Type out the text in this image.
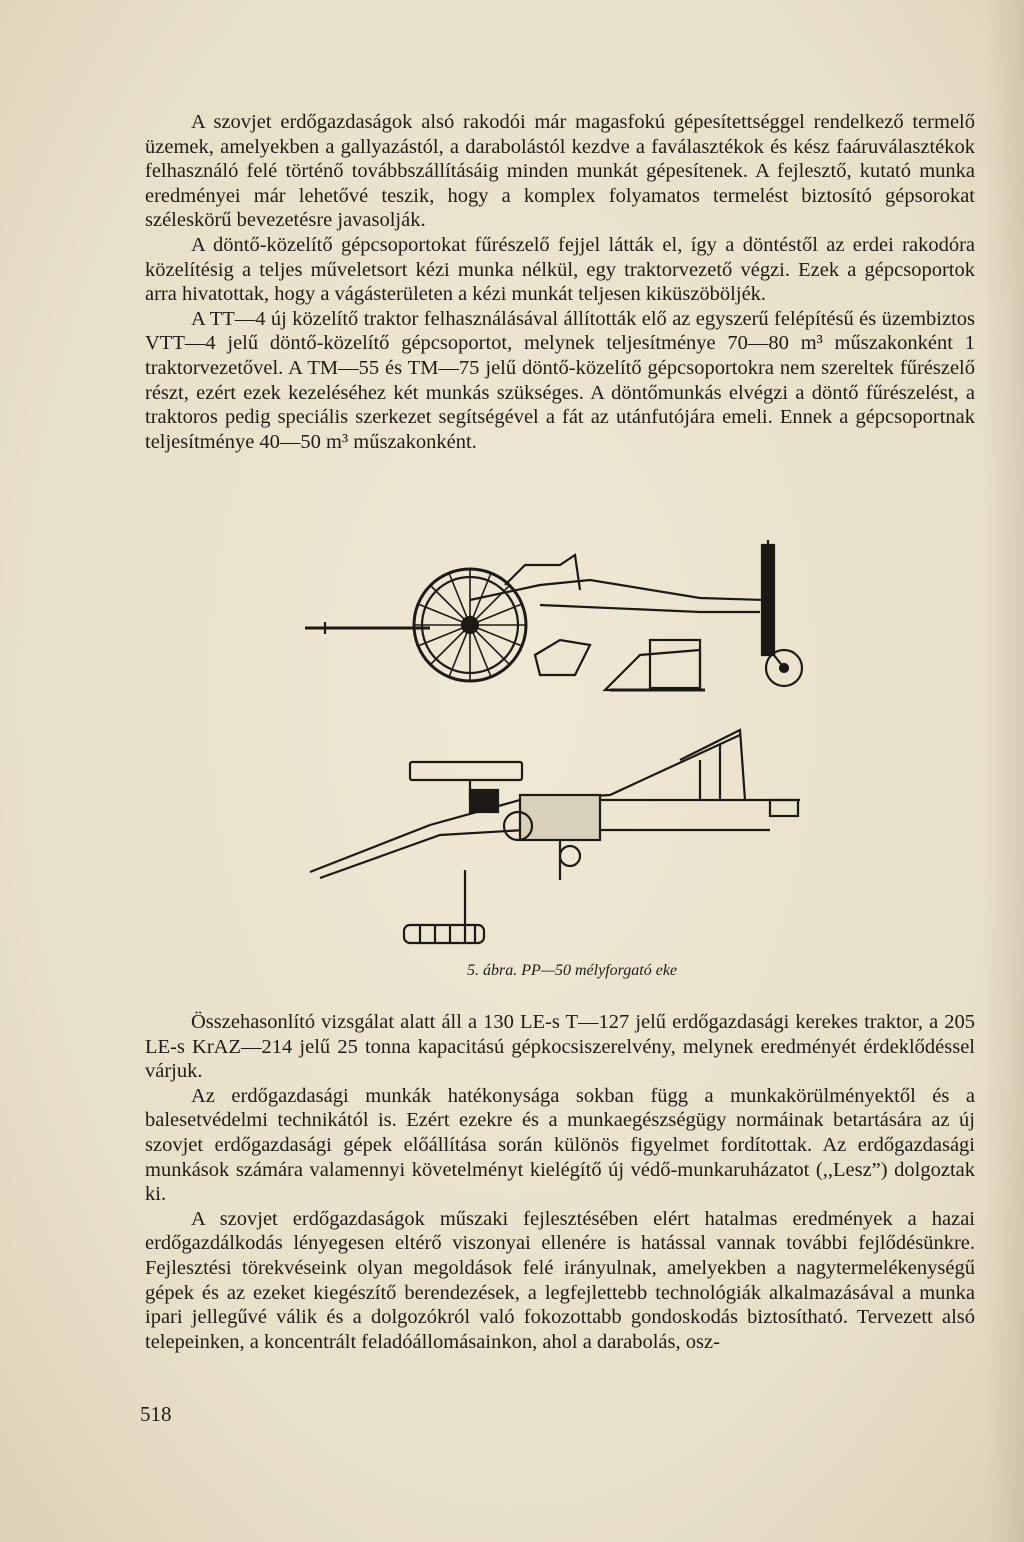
A szovjet erdőgazdaságok alsó rakodói már magasfokú gépesítettséggel rendelkező termelő üzemek, amelyekben a gallyazástól, a darabolástól kezdve a faválasztékok és kész faáruválasztékok felhasználó felé történő továbbszállításáig minden munkát gépesítenek. A fejlesztő, kutató munka eredményei már lehetővé teszik, hogy a komplex folyamatos termelést biztosító gépsorokat széleskörű bevezetésre javasolják.

A döntő-közelítő gépcsoportokat fűrészelő fejjel látták el, így a döntéstől az erdei rakodóra közelítésig a teljes műveletsort kézi munka nélkül, egy traktorvezető végzi. Ezek a gépcsoportok arra hivatottak, hogy a vágásterületen a kézi munkát teljesen kiküszöböljék.

A TT—4 új közelítő traktor felhasználásával állították elő az egyszerű felépítésű és üzembiztos VTT—4 jelű döntő-közelítő gépcsoportot, melynek teljesítménye 70—80 m³ műszakonként 1 traktorvezetővel. A TM—55 és TM—75 jelű döntő-közelítő gépcsoportokra nem szereltek fűrészelő részt, ezért ezek kezeléséhez két munkás szükséges. A döntőmunkás elvégzi a döntő fűrészelést, a traktoros pedig speciális szerkezet segítségével a fát az utánfutójára emeli. Ennek a gépcsoportnak teljesítménye 40—50 m³ műszakonként.

5. ábra. PP—50 mélyforgató eke

Összehasonlító vizsgálat alatt áll a 130 LE-s T—127 jelű erdőgazdasági kerekes traktor, a 205 LE-s KrAZ—214 jelű 25 tonna kapacitású gépkocsiszerelvény, melynek eredményét érdeklődéssel várjuk.

Az erdőgazdasági munkák hatékonysága sokban függ a munkakörülményektől és a balesetvédelmi technikától is. Ezért ezekre és a munkaegészségügy normáinak betartására az új szovjet erdőgazdasági gépek előállítása során különös figyelmet fordítottak. Az erdőgazdasági munkások számára valamennyi követelményt kielégítő új védő-munkaruházatot (,,Lesz”) dolgoztak ki.

A szovjet erdőgazdaságok műszaki fejlesztésében elért hatalmas eredmények a hazai erdőgazdálkodás lényegesen eltérő viszonyai ellenére is hatással vannak további fejlődésünkre. Fejlesztési törekvéseink olyan megoldások felé irányulnak, amelyekben a nagytermelékenységű gépek és az ezeket kiegészítő berendezések, a legfejlettebb technológiák alkalmazásával a munka ipari jellegűvé válik és a dolgozókról való fokozottabb gondoskodás biztosítható. Tervezett alsó telepeinken, a koncentrált feladóállomásainkon, ahol a darabolás, osz-

518
